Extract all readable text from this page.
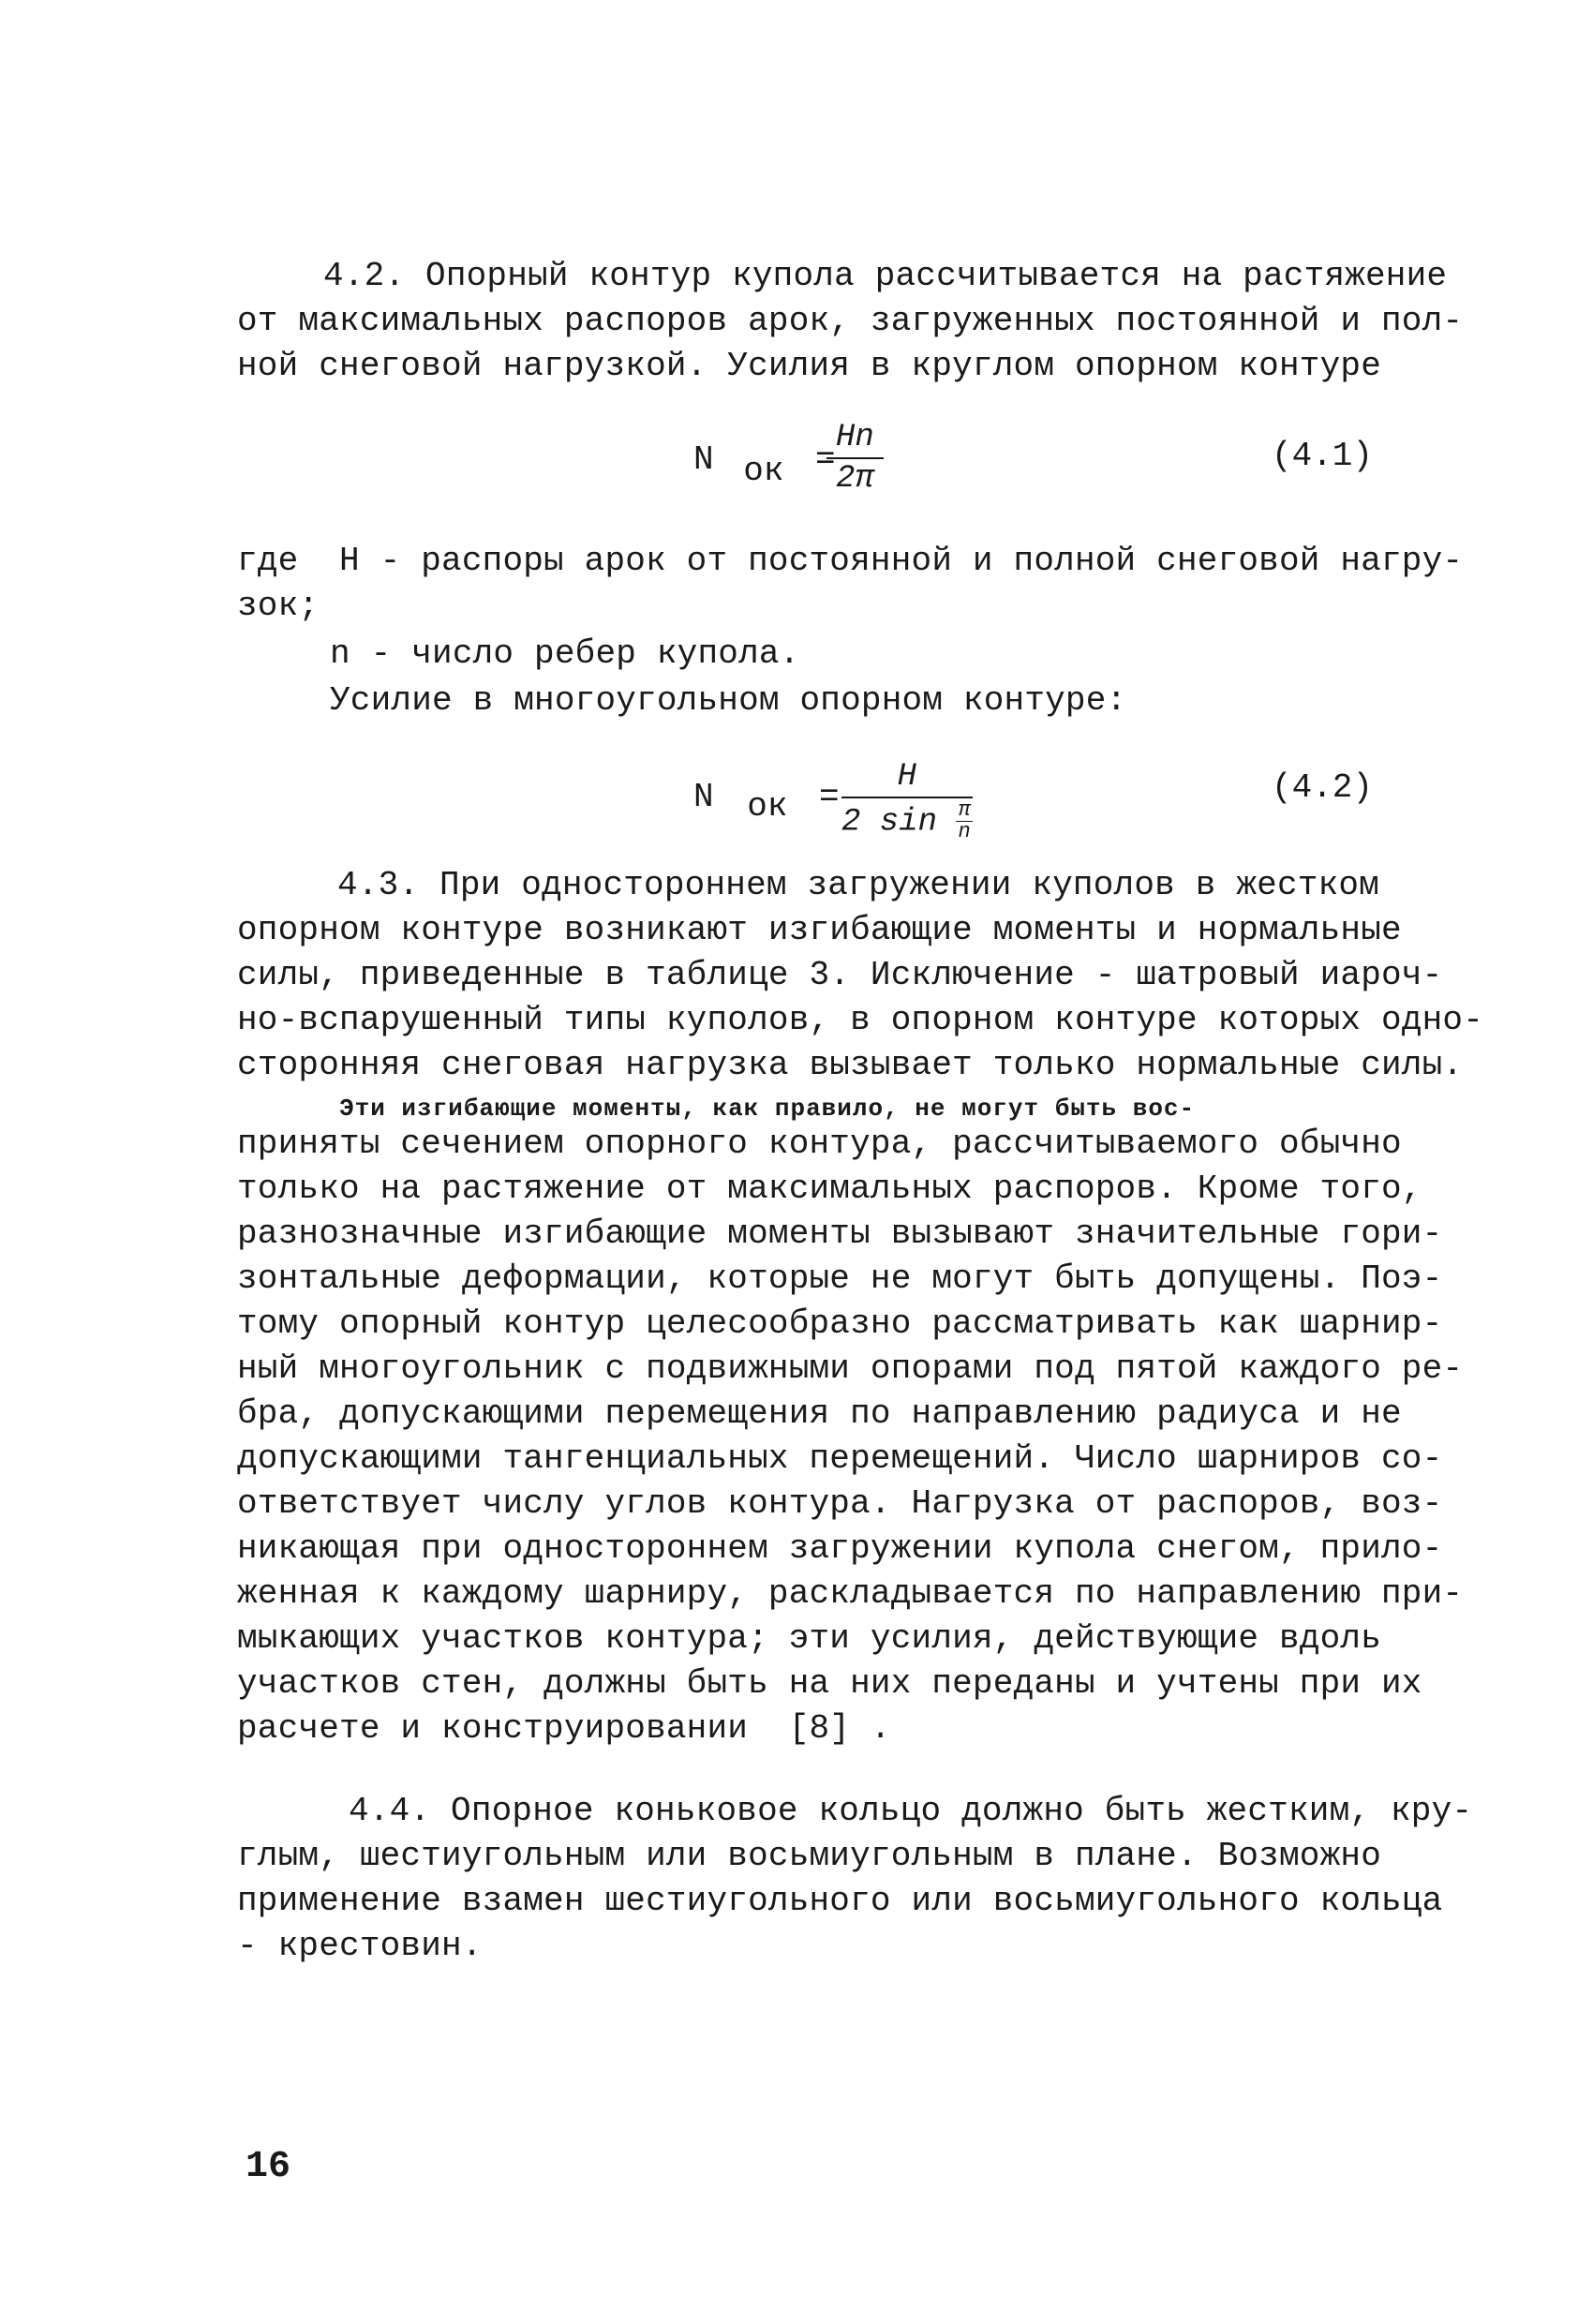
4.2. Опорный контур купола рассчитывается на растяжение
от максимальных распоров арок, загруженных постоянной и пол-
ной снеговой нагрузкой. Усилия в круглом опорном контуре
N ок =
$\frac{Hn}{2\pi}$	(4.1)
где  Н - распоры арок от постоянной и полной снеговой нагру-
зок;
n - число ребер купола.
Усилие в многоугольном опорном контуре:
N ок = $\frac{H}{2 \sin \frac{\pi}{n}}$	(4.2)
4.3. При одностороннем загружении куполов в жестком
опорном контуре возникают изгибающие моменты и нормальные
силы, приведенные в таблице 3. Исключение - шатровый иароч-
но-вспарушенный типы куполов, в опорном контуре которых одно-
сторонняя снеговая нагрузка вызывает только нормальные силы.
Эти изгибающие моменты, как правило, не могут быть вос-
приняты сечением опорного контура, рассчитываемого обычно
только на растяжение от максимальных распоров. Кроме того,
разнозначные изгибающие моменты вызывают значительные гори-
зонтальные деформации, которые не могут быть допущены. Поэ-
тому опорный контур целесообразно рассматривать как шарнир-
ный многоугольник с подвижными опорами под пятой каждого ре-
бра, допускающими перемещения по направлению радиуса и не
допускающими тангенциальных перемещений. Число шарниров со-
ответствует числу углов контура. Нагрузка от распоров, воз-
никающая при одностороннем загружении купола снегом, прило-
женная к каждому шарниру, раскладывается по направлению при-
мыкающих участков контура; эти усилия, действующие вдоль
участков стен, должны быть на них переданы и учтены при их
расчете и конструировании  [8] .
4.4. Опорное коньковое кольцо должно быть жестким, кру-
глым, шестиугольным или восьмиугольным в плане. Возможно
применение взамен шестиугольного или восьмиугольного кольца
- крестовин.
16
